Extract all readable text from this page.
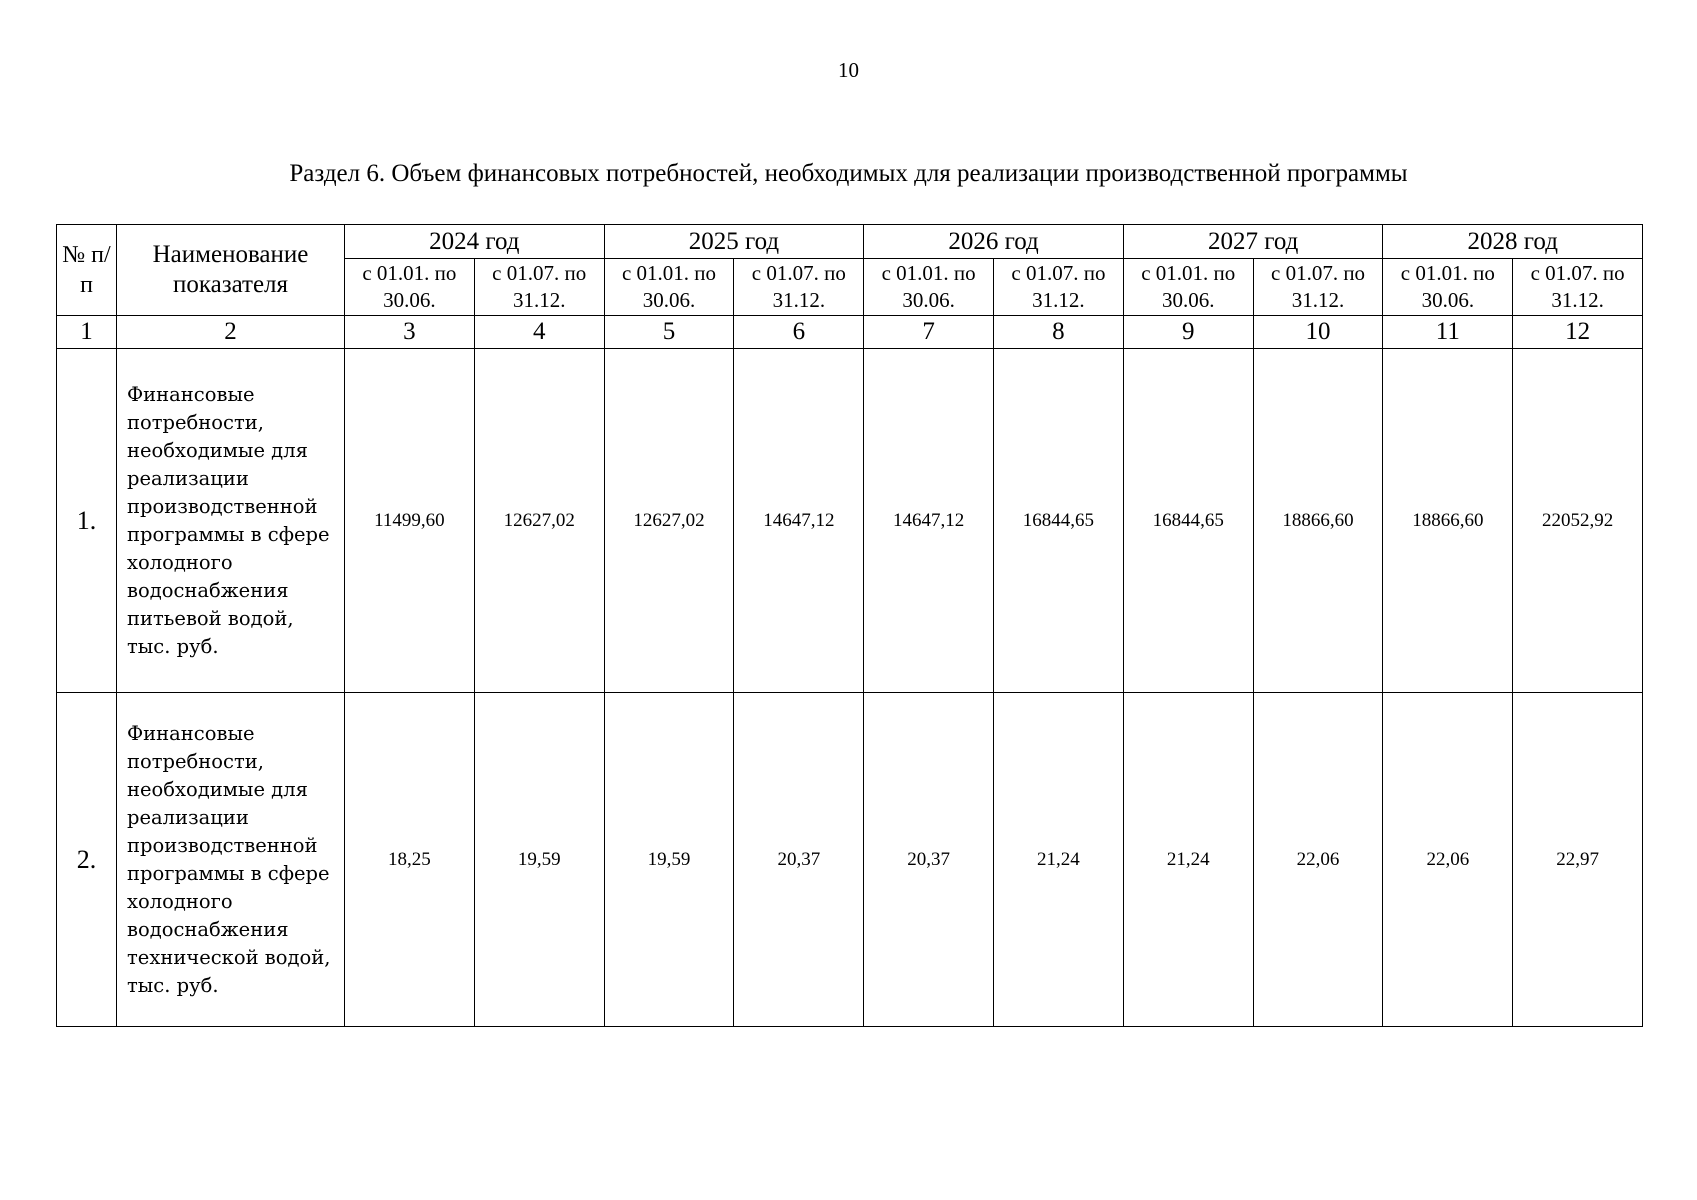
10
Раздел 6. Объем финансовых потребностей, необходимых для реализации производственной программы
№ п/п	Наименование показателя	2024 год		2025 год		2026 год		2027 год		2028 год	
		с 01.01. по 30.06.	с 01.07. по 31.12.	с 01.01. по 30.06.	с 01.07. по 31.12.	с 01.01. по 30.06.	с 01.07. по 31.12.	с 01.01. по 30.06.	с 01.07. по 31.12.	с 01.01. по 30.06.	с 01.07. по 31.12.
1	2	3	4	5	6	7	8	9	10	11	12
1.	Финансовые потребности, необходимые для реализации производственной программы в сфере холодного водоснабжения питьевой водой, тыс. руб.	11499,60	12627,02	12627,02	14647,12	14647,12	16844,65	16844,65	18866,60	18866,60	22052,92
2.	Финансовые потребности, необходимые для реализации производственной программы в сфере холодного водоснабжения технической водой, тыс. руб.	18,25	19,59	19,59	20,37	20,37	21,24	21,24	22,06	22,06	22,97
